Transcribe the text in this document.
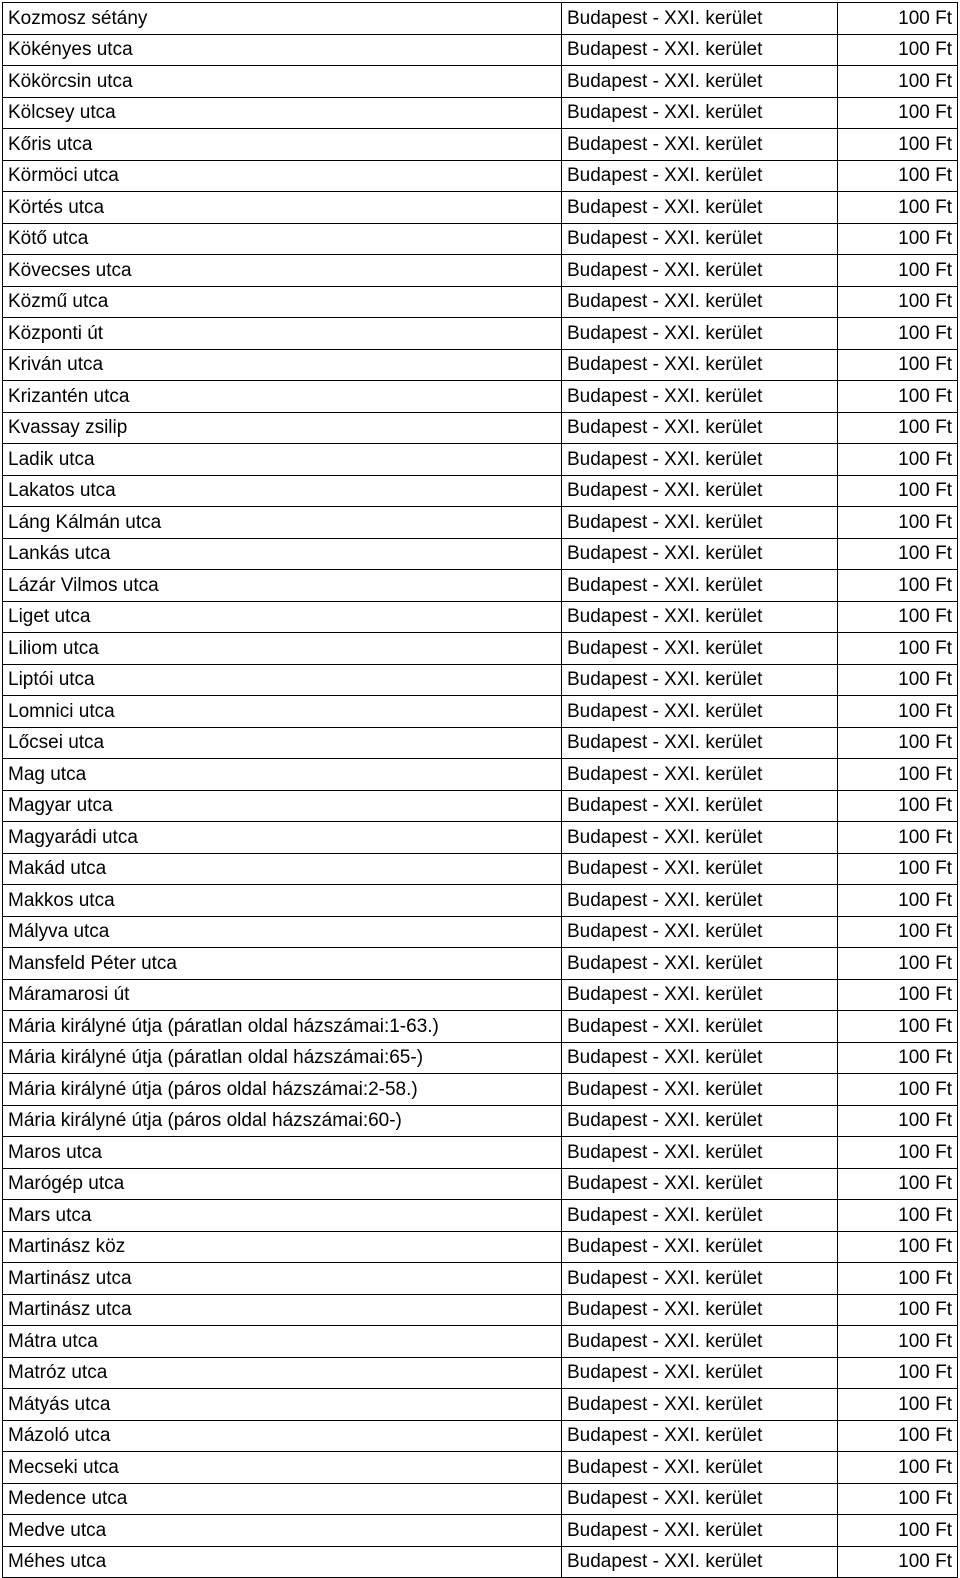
Kozmosz sétány	Budapest - XXI. kerület	100 Ft
Kökényes utca	Budapest - XXI. kerület	100 Ft
Kökörcsin utca	Budapest - XXI. kerület	100 Ft
Kölcsey utca	Budapest - XXI. kerület	100 Ft
Kőris utca	Budapest - XXI. kerület	100 Ft
Körmöci utca	Budapest - XXI. kerület	100 Ft
Körtés utca	Budapest - XXI. kerület	100 Ft
Kötő utca	Budapest - XXI. kerület	100 Ft
Kövecses utca	Budapest - XXI. kerület	100 Ft
Közmű utca	Budapest - XXI. kerület	100 Ft
Központi út	Budapest - XXI. kerület	100 Ft
Kriván utca	Budapest - XXI. kerület	100 Ft
Krizantén utca	Budapest - XXI. kerület	100 Ft
Kvassay zsilip	Budapest - XXI. kerület	100 Ft
Ladik utca	Budapest - XXI. kerület	100 Ft
Lakatos utca	Budapest - XXI. kerület	100 Ft
Láng Kálmán utca	Budapest - XXI. kerület	100 Ft
Lankás utca	Budapest - XXI. kerület	100 Ft
Lázár Vilmos utca	Budapest - XXI. kerület	100 Ft
Liget utca	Budapest - XXI. kerület	100 Ft
Liliom utca	Budapest - XXI. kerület	100 Ft
Liptói utca	Budapest - XXI. kerület	100 Ft
Lomnici utca	Budapest - XXI. kerület	100 Ft
Lőcsei utca	Budapest - XXI. kerület	100 Ft
Mag utca	Budapest - XXI. kerület	100 Ft
Magyar utca	Budapest - XXI. kerület	100 Ft
Magyarádi utca	Budapest - XXI. kerület	100 Ft
Makád utca	Budapest - XXI. kerület	100 Ft
Makkos utca	Budapest - XXI. kerület	100 Ft
Mályva utca	Budapest - XXI. kerület	100 Ft
Mansfeld Péter utca	Budapest - XXI. kerület	100 Ft
Máramarosi út	Budapest - XXI. kerület	100 Ft
Mária királyné útja (páratlan oldal házszámai:1-63.)	Budapest - XXI. kerület	100 Ft
Mária királyné útja (páratlan oldal házszámai:65-)	Budapest - XXI. kerület	100 Ft
Mária királyné útja (páros oldal házszámai:2-58.)	Budapest - XXI. kerület	100 Ft
Mária királyné útja (páros oldal házszámai:60-)	Budapest - XXI. kerület	100 Ft
Maros utca	Budapest - XXI. kerület	100 Ft
Marógép utca	Budapest - XXI. kerület	100 Ft
Mars utca	Budapest - XXI. kerület	100 Ft
Martinász köz	Budapest - XXI. kerület	100 Ft
Martinász utca	Budapest - XXI. kerület	100 Ft
Martinász utca	Budapest - XXI. kerület	100 Ft
Mátra utca	Budapest - XXI. kerület	100 Ft
Matróz utca	Budapest - XXI. kerület	100 Ft
Mátyás utca	Budapest - XXI. kerület	100 Ft
Mázoló utca	Budapest - XXI. kerület	100 Ft
Mecseki utca	Budapest - XXI. kerület	100 Ft
Medence utca	Budapest - XXI. kerület	100 Ft
Medve utca	Budapest - XXI. kerület	100 Ft
Méhes utca	Budapest - XXI. kerület	100 Ft
